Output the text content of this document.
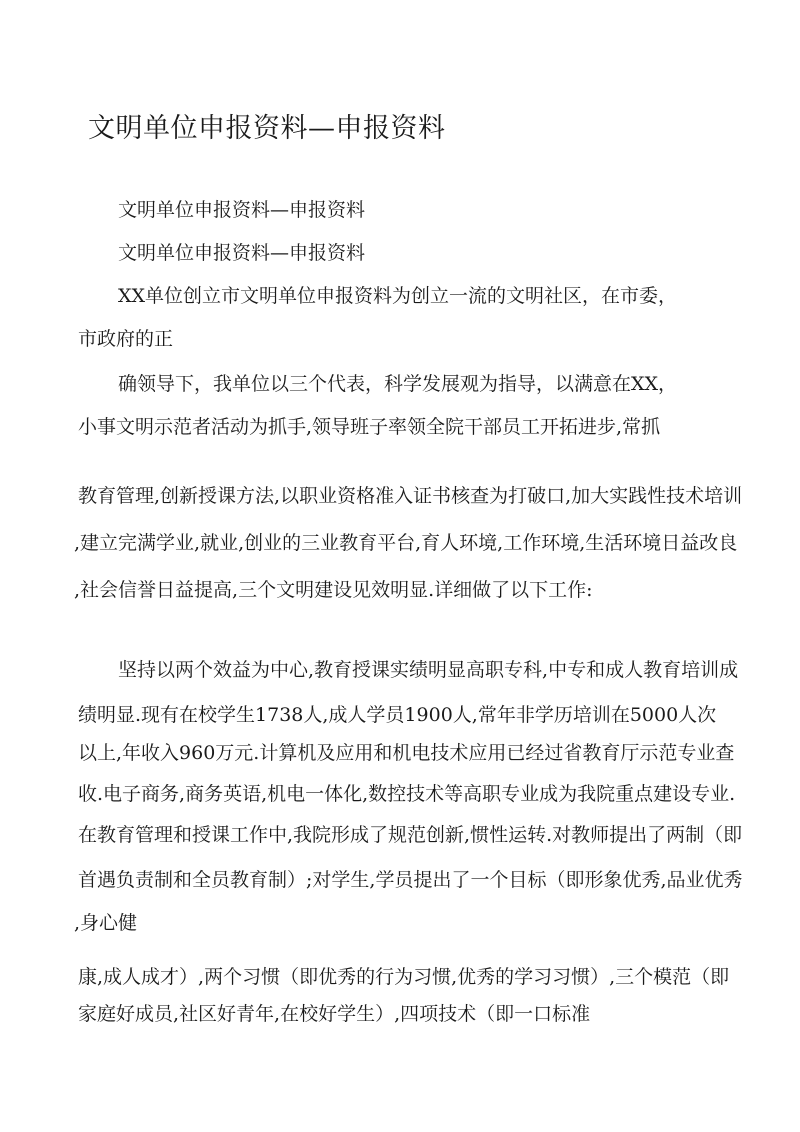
文明单位申报资料—申报资料
文明单位申报资料—申报资料
文明单位申报资料—申报资料
XX单位创立市文明单位申报资料为创立一流的文明社区，在市委，
市政府的正
确领导下，我单位以三个代表，科学发展观为指导，以满意在XX，
小事文明示范者活动为抓手,领导班子率领全院干部员工开拓进步,常抓
教育管理,创新授课方法,以职业资格准入证书核查为打破口,加大实践性技术培训
,建立完满学业,就业,创业的三业教育平台,育人环境,工作环境,生活环境日益改良
,社会信誉日益提高,三个文明建设见效明显.详细做了以下工作:
坚持以两个效益为中心,教育授课实绩明显高职专科,中专和成人教育培训成
绩明显.现有在校学生1738人,成人学员1900人,常年非学历培训在5000人次
以上,年收入960万元.计算机及应用和机电技术应用已经过省教育厅示范专业查
收.电子商务,商务英语,机电一体化,数控技术等高职专业成为我院重点建设专业.
在教育管理和授课工作中,我院形成了规范创新,惯性运转.对教师提出了两制（即
首遇负责制和全员教育制）;对学生,学员提出了一个目标（即形象优秀,品业优秀
,身心健
康,成人成才）,两个习惯（即优秀的行为习惯,优秀的学习习惯）,三个模范（即
家庭好成员,社区好青年,在校好学生）,四项技术（即一口标准
